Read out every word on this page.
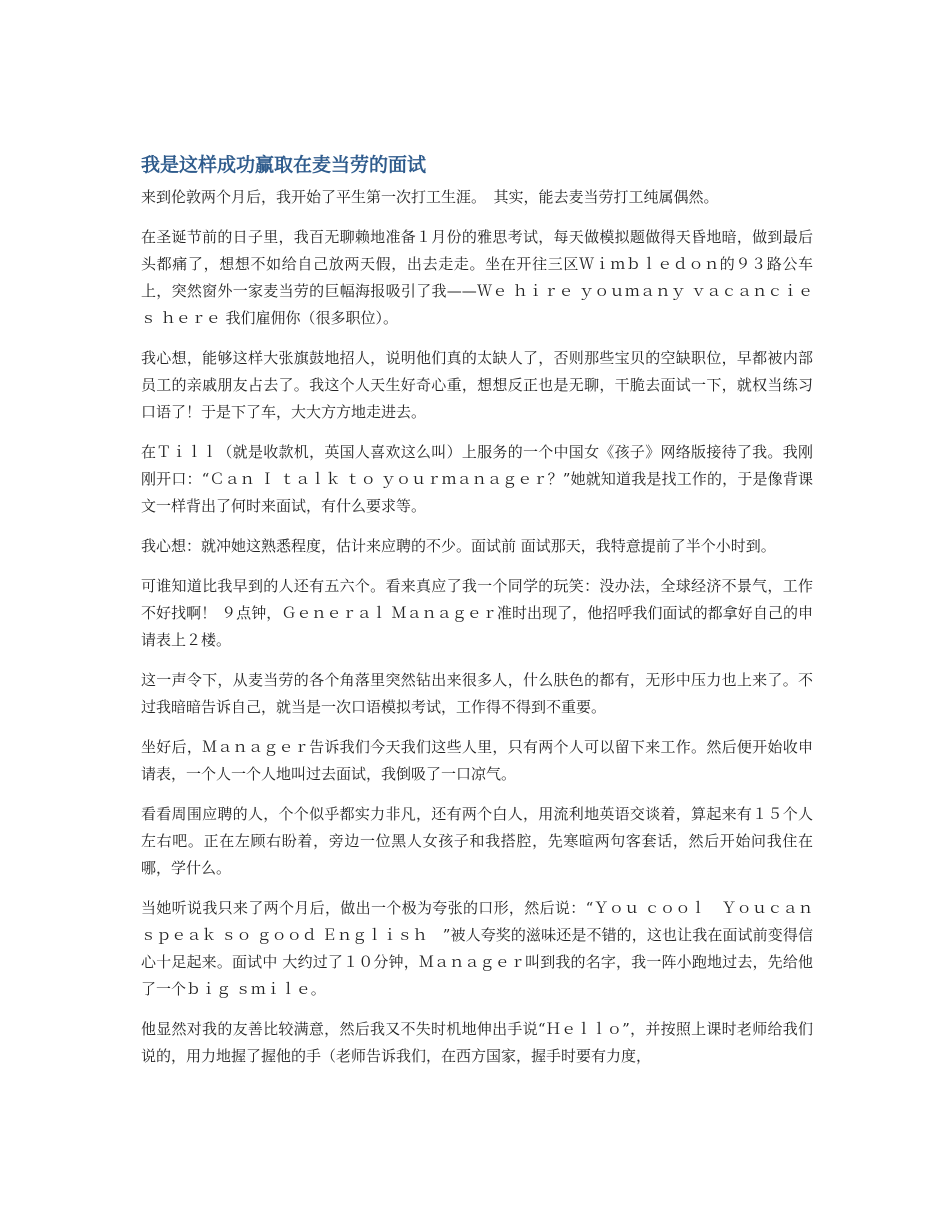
我是这样成功赢取在麦当劳的面试

来到伦敦两个月后，我开始了平生第一次打工生涯。　其实，能去麦当劳打工纯属偶然。

在圣诞节前的日子里，我百无聊赖地准备１月份的雅思考试，每天做模拟题做得天昏地暗，做到最后头都痛了，想想不如给自己放两天假，出去走走。坐在开往三区Ｗｉｍｂｌｅｄｏｎ的９３路公车上，突然窗外一家麦当劳的巨幅海报吸引了我——Ｗｅ ｈｉｒｅ ｙｏｕｍａｎｙ ｖａｃａｎｃｉｅｓ ｈｅｒｅ 我们雇佣你（很多职位）。

我心想，能够这样大张旗鼓地招人，说明他们真的太缺人了，否则那些宝贝的空缺职位，早都被内部员工的亲戚朋友占去了。我这个人天生好奇心重，想想反正也是无聊，干脆去面试一下，就权当练习口语了！于是下了车，大大方方地走进去。

在Ｔｉｌｌ（就是收款机，英国人喜欢这么叫）上服务的一个中国女《孩子》网络版接待了我。我刚刚开口：“Ｃａｎ Ｉ ｔａｌｋ ｔｏ ｙｏｕｒｍａｎａｇｅｒ？”她就知道我是找工作的，于是像背课文一样背出了何时来面试，有什么要求等。

我心想：就冲她这熟悉程度，估计来应聘的不少。面试前 面试那天，我特意提前了半个小时到。

可谁知道比我早到的人还有五六个。看来真应了我一个同学的玩笑：没办法，全球经济不景气，工作不好找啊！ ９点钟，Ｇｅｎｅｒａｌ Ｍａｎａｇｅｒ准时出现了，他招呼我们面试的都拿好自己的申请表上２楼。

这一声令下，从麦当劳的各个角落里突然钻出来很多人，什么肤色的都有，无形中压力也上来了。不过我暗暗告诉自己，就当是一次口语模拟考试，工作得不得到不重要。

坐好后，Ｍａｎａｇｅｒ告诉我们今天我们这些人里，只有两个人可以留下来工作。然后便开始收申请表，一个人一个人地叫过去面试，我倒吸了一口凉气。

看看周围应聘的人，个个似乎都实力非凡，还有两个白人，用流利地英语交谈着，算起来有１５个人左右吧。正在左顾右盼着，旁边一位黑人女孩子和我搭腔，先寒暄两句客套话，然后开始问我住在哪，学什么。

当她听说我只来了两个月后，做出一个极为夸张的口形，然后说：“Ｙｏｕ ｃｏｏｌ　Ｙｏｕｃａｎ ｓｐｅａｋ ｓｏ ｇｏｏｄ Ｅｎｇｌｉｓｈ　”被人夸奖的滋味还是不错的，这也让我在面试前变得信心十足起来。面试中 大约过了１０分钟，Ｍａｎａｇｅｒ叫到我的名字，我一阵小跑地过去，先给他了一个ｂｉｇ ｓｍｉｌｅ。

他显然对我的友善比较满意，然后我又不失时机地伸出手说“Ｈｅｌｌｏ”，并按照上课时老师给我们说的，用力地握了握他的手（老师告诉我们，在西方国家，握手时要有力度，
